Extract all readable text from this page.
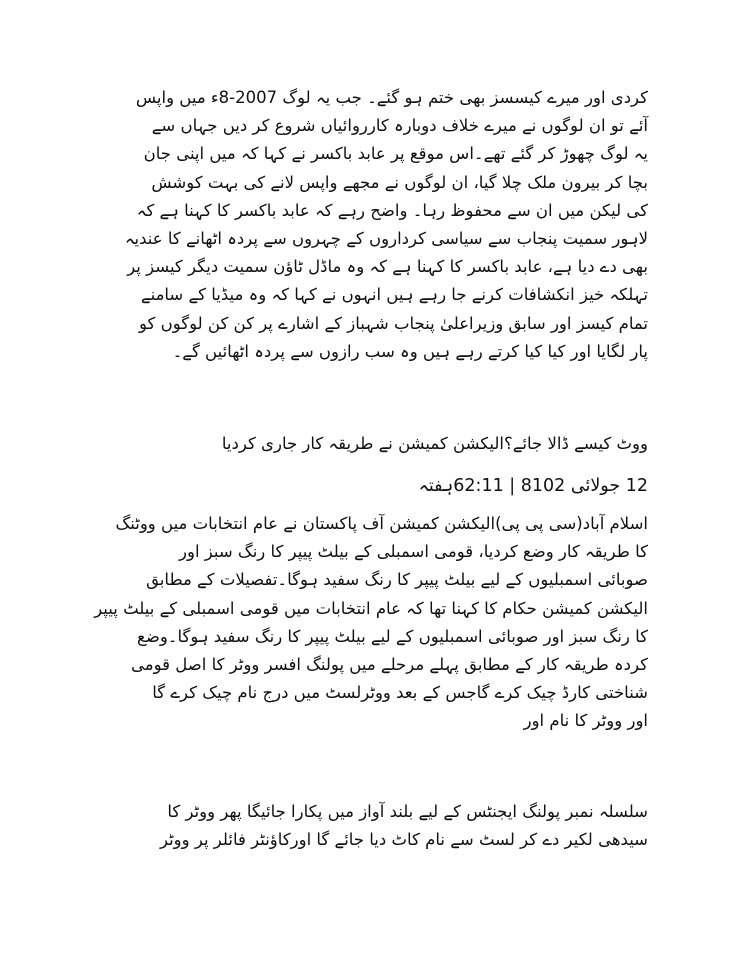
کردی اور میرے کیسسز بھی ختم ہو گئے۔ جب یہ لوگ 2007-8ء میں واپس
آئے تو ان لوگوں نے میرے خلاف دوبارہ کارروائیاں شروع کر دیں جہاں سے
یہ لوگ چھوڑ کر گئے تھے۔اس موقع پر عابد باکسر نے کہا کہ میں اپنی جان
بچا کر بیرون ملک چلا گیا، ان لوگوں نے مجھے واپس لانے کی بہت کوشش
کی لیکن میں ان سے محفوظ رہا۔ واضح رہے کہ عابد باکسر کا کہنا ہے کہ
لاہور سمیت پنجاب سے سیاسی کرداروں کے چہروں سے پردہ اٹھانے کا عندیہ
بھی دے دیا ہے، عابد باکسر کا کہنا ہے کہ وہ ماڈل ٹاؤن سمیت دیگر کیسز پر
تہلکہ خیز انکشافات کرنے جا رہے ہیں انہوں نے کہا کہ وہ میڈیا کے سامنے
تمام کیسز اور سابق وزیراعلیٰ پنجاب شہباز کے اشارے پر کن کن لوگوں کو
پار لگایا اور کیا کیا کرتے رہے ہیں وہ سب رازوں سے پردہ اٹھائیں گے۔
ووٹ کیسے ڈالا جائے؟الیکشن کمیشن نے طریقہ کار جاری کردیا
12 جولائی 8102 | 62:11ہفتہ
اسلام آباد(سی پی پی)الیکشن کمیشن آف پاکستان نے عام انتخابات میں ووٹنگ
کا طریقہ کار وضع کردیا، قومی اسمبلی کے بیلٹ پیپر کا رنگ سبز اور
صوبائی اسمبلیوں کے لیے بیلٹ پیپر کا رنگ سفید ہوگا۔تفصیلات کے مطابق
الیکشن کمیشن حکام کا کہنا تھا کہ عام انتخابات میں قومی اسمبلی کے بیلٹ پیپر
کا رنگ سبز اور صوبائی اسمبلیوں کے لیے بیلٹ پیپر کا رنگ سفید ہوگا۔وضع
کردہ طریقہ کار کے مطابق پہلے مرحلے میں پولنگ افسر ووٹر کا اصل قومی
شناختی کارڈ چیک کرے گاجس کے بعد ووٹرلسٹ میں درج نام چیک کرے گا
اور ووٹر کا نام اور
سلسلہ نمبر پولنگ ایجنٹس کے لیے بلند آواز میں پکارا جائیگا پھر ووٹر کا
سیدھی لکیر دے کر لسٹ سے نام کاٹ دیا جائے گا اورکاؤنٹر فائلر پر ووٹر
